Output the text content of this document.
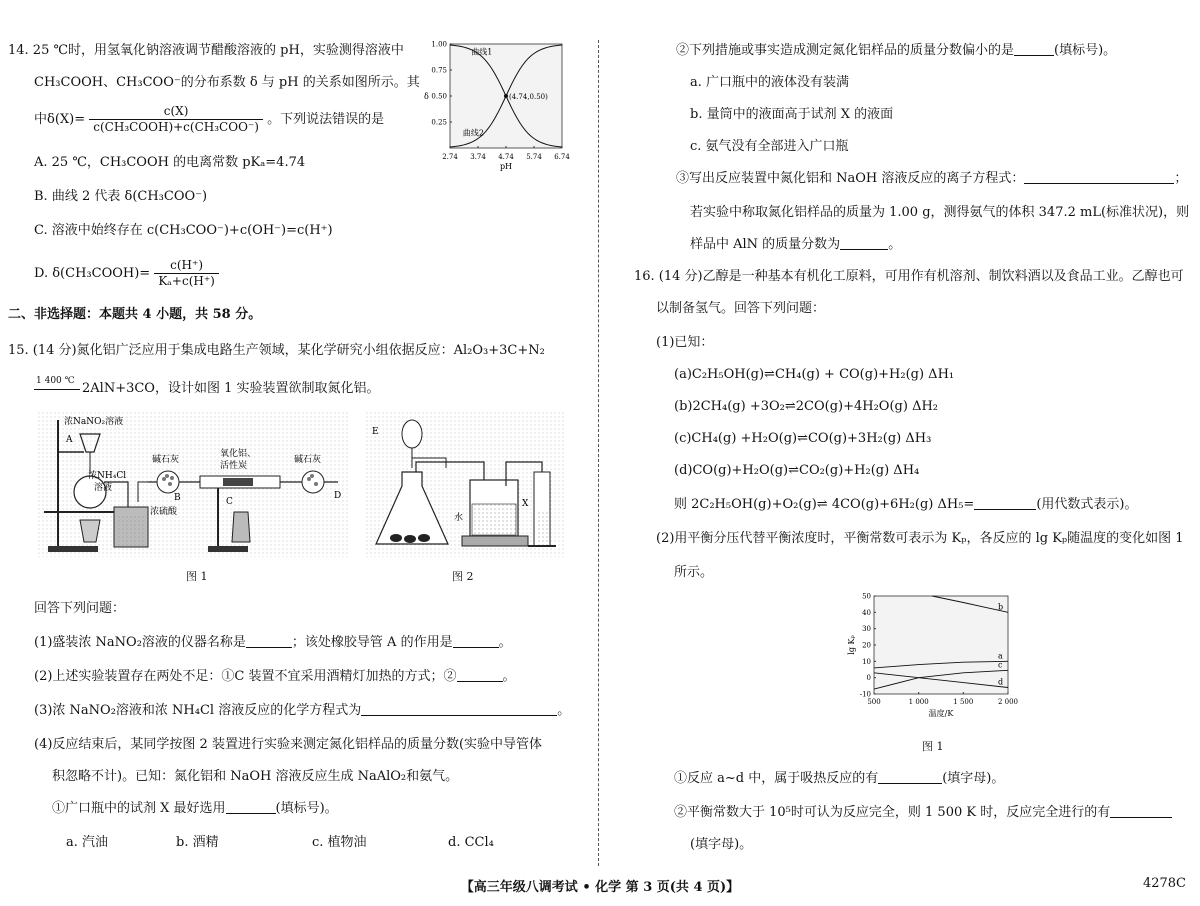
14. 25 ℃时，用氢氧化钠溶液调节醋酸溶液的 pH，实验测得溶液中
CH₃COOH、CH₃COO⁻的分布系数 δ 与 pH 的关系如图所示。其
中$\delta(X)= \frac{c(X)}{\text{c(CH₃COOH)+c(CH₃COO⁻)}}$ 。下列说法错误的是
A. 25 ℃，CH₃COOH 的电离常数 pKₐ=4.74
B. 曲线 2 代表 δ(CH₃COO⁻)
C. 溶液中始终存在 c(CH₃COO⁻)+c(OH⁻)=c(H⁺)
D. δ(CH₃COOH)= $\frac{c(H^+)}{\text{Kₐ+c(H⁺)}}$
2.74 3.74 4.74 5.74 6.74
1.00
0.75
0.50
0.25
pH
δ
曲线1
曲线2
(4.74,0.50)
二、非选择题：本题共 4 小题，共 58 分。
15. (14 分)氮化铝广泛应用于集成电路生产领域，某化学研究小组依据反应：Al₂O₃+3C+N₂
1 400 ℃ 2AlN+3CO，设计如图 1 实验装置欲制取氮化铝。
浓NaNO₂溶液
A
碱石灰
氧化铝、
活性炭
碱石灰
浓NH₄Cl
溶液
浓硫酸
B	C
D
图 1
E
水
X
图 2
回答下列问题：
(1)盛装浓 NaNO₂溶液的仪器名称是	；该处橡胶导管 A 的作用是	。
(2)上述实验装置存在两处不足：①C 装置不宜采用酒精灯加热的方式；②	。
(3)浓 NaNO₂溶液和浓 NH₄Cl 溶液反应的化学方程式为	。
(4)反应结束后，某同学按图 2 装置进行实验来测定氮化铝样品的质量分数(实验中导管体
积忽略不计)。已知：氮化铝和 NaOH 溶液反应生成 NaAlO₂和氨气。
①广口瓶中的试剂 X 最好选用	(填标号)。
a. 汽油	b. 酒精	c. 植物油	d. CCl₄
②下列措施或事实造成测定氮化铝样品的质量分数偏小的是	(填标号)。
a. 广口瓶中的液体没有装满
b. 量筒中的液面高于试剂 X 的液面
c. 氨气没有全部进入广口瓶
③写出反应装置中氮化铝和 NaOH 溶液反应的离子方程式：	；
若实验中称取氮化铝样品的质量为 1.00 g，测得氨气的体积 347.2 mL(标准状况)，则
样品中 AlN 的质量分数为	。
16. (14 分)乙醇是一种基本有机化工原料，可用作有机溶剂、制饮料酒以及食品工业。乙醇也可
以制备氢气。回答下列问题：
(1)已知：
(a)C₂H₅OH(g)⇌CH₄(g) + CO(g)+H₂(g) ΔH₁
(b)2CH₄(g) +3O₂⇌2CO(g)+4H₂O(g) ΔH₂
(c)CH₄(g) +H₂O(g)⇌CO(g)+3H₂(g) ΔH₃
(d)CO(g)+H₂O(g)⇌CO₂(g)+H₂(g) ΔH₄
则 2C₂H₅OH(g)+O₂(g)⇌ 4CO(g)+6H₂(g) ΔH₅=	(用代数式表示)。
(2)用平衡分压代替平衡浓度时，平衡常数可表示为 Kₚ，各反应的 lg Kₚ随温度的变化如图 1
所示。
50
40
30
20
10
0
-10
500	1 000	1 500	2 000
温度/K
lg Kₚ
a
b
c
d
图 1
①反应 a~d 中，属于吸热反应的有	(填字母)。
②平衡常数大于 10⁵时可认为反应完全，则 1 500 K 时，反应完全进行的有
(填字母)。
【高三年级八调考试 • 化学 第 3 页(共 4 页)】	4278C
